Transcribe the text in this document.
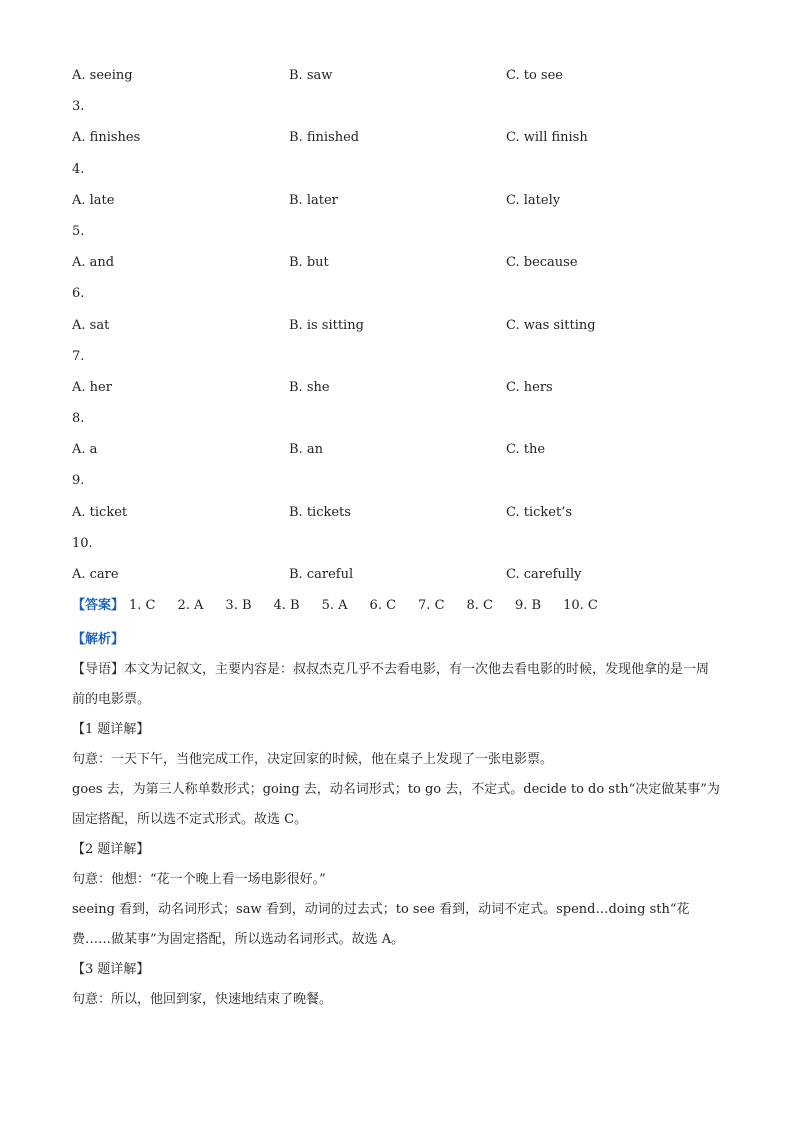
A. seeing	B. saw	C. to see
3.
A. finishes	B. finished	C. will finish
4.
A. late	B. later	C. lately
5.
A. and	B. but	C. because
6.
A. sat	B. is sitting	C. was sitting
7.
A. her	B. she	C. hers
8.
A. a	B. an	C. the
9.
A. ticket	B. tickets	C. ticket’s
10.
A. care	B. careful	C. carefully
【答案】 1. C 2. A 3. B 4. B 5. A 6. C 7. C 8. C 9. B 10. C

【解析】

【导语】本文为记叙文，主要内容是：叔叔杰克几乎不去看电影，有一次他去看电影的时候，发现他拿的是一周前的电影票。

【1 题详解】

句意：一天下午，当他完成工作，决定回家的时候，他在桌子上发现了一张电影票。

goes 去，为第三人称单数形式；going 去，动名词形式；to go 去，不定式。decide to do sth“决定做某事”为固定搭配，所以选不定式形式。故选 C。

【2 题详解】

句意：他想：“花一个晚上看一场电影很好。”

seeing 看到，动名词形式；saw 看到，动词的过去式；to see 看到，动词不定式。spend…doing sth“花费……做某事”为固定搭配，所以选动名词形式。故选 A。

【3 题详解】

句意：所以，他回到家，快速地结束了晚餐。
